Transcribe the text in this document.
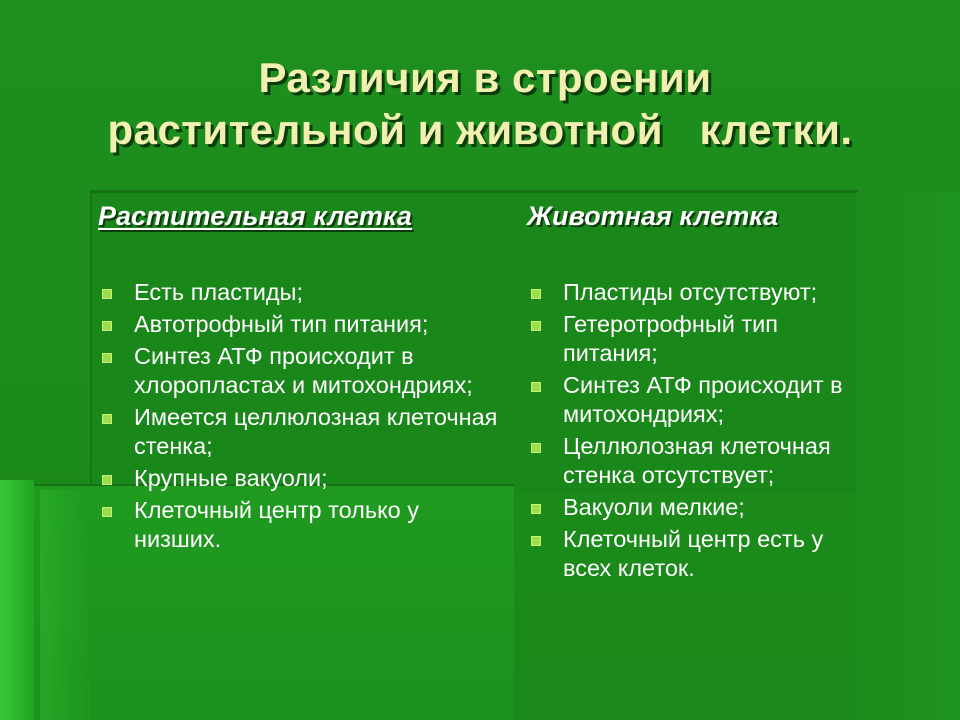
Различия в строении
растительной и животной   клетки.
Растительная клетка
Есть пластиды;
Автотрофный тип питания;
Синтез АТФ происходит в хлоропластах и митохондриях;
Имеется целлюлозная клеточная стенка;
Крупные вакуоли;
Клеточный центр только у низших.
Животная клетка
Пластиды отсутствуют;
Гетеротрофный тип питания;
Синтез АТФ происходит в митохондриях;
Целлюлозная клеточная стенка отсутствует;
Вакуоли мелкие;
Клеточный центр есть у всех клеток.
